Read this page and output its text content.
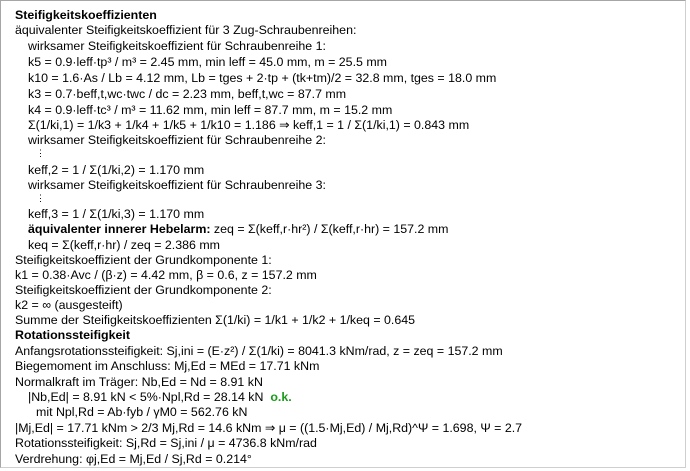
Steifigkeitskoeffizienten
äquivalenter Steifigkeitskoeffizient für 3 Zug-Schraubenreihen:
wirksamer Steifigkeitskoeffizient für Schraubenreihe 1:
k5 = 0.9·leff·tp³ / m³ = 2.45 mm, min leff = 45.0 mm, m = 25.5 mm
k10 = 1.6·As / Lb = 4.12 mm, Lb = tges + 2·tp + (tk+tm)/2 = 32.8 mm, tges = 18.0 mm
k3 = 0.7·beff,t,wc·twc / dc = 2.23 mm, beff,t,wc = 87.7 mm
k4 = 0.9·leff·tc³ / m³ = 11.62 mm, min leff = 87.7 mm, m = 15.2 mm
Σ(1/ki,1) = 1/k3 + 1/k4 + 1/k5 + 1/k10 = 1.186 ⇒ keff,1 = 1 / Σ(1/ki,1) = 0.843 mm
wirksamer Steifigkeitskoeffizient für Schraubenreihe 2:
⋮
keff,2 = 1 / Σ(1/ki,2) = 1.170 mm
wirksamer Steifigkeitskoeffizient für Schraubenreihe 3:
⋮
keff,3 = 1 / Σ(1/ki,3) = 1.170 mm
äquivalenter innerer Hebelarm: zeq = Σ(keff,r·hr²) / Σ(keff,r·hr) = 157.2 mm
keq = Σ(keff,r·hr) / zeq = 2.386 mm
Steifigkeitskoeffizient der Grundkomponente 1:
k1 = 0.38·Avc / (β·z) = 4.42 mm, β = 0.6, z = 157.2 mm
Steifigkeitskoeffizient der Grundkomponente 2:
k2 = ∞ (ausgesteift)
Summe der Steifigkeitskoeffizienten Σ(1/ki) = 1/k1 + 1/k2 + 1/keq = 0.645
Rotationssteifigkeit
Anfangsrotationssteifigkeit: Sj,ini = (E·z²) / Σ(1/ki) = 8041.3 kNm/rad, z = zeq = 157.2 mm
Biegemoment im Anschluss: Mj,Ed = MEd = 17.71 kNm
Normalkraft im Träger: Nb,Ed = Nd = 8.91 kN
|Nb,Ed| = 8.91 kN < 5%·Npl,Rd = 28.14 kN o.k.
mit Npl,Rd = Ab·fyb / γM0 = 562.76 kN
|Mj,Ed| = 17.71 kNm > 2/3 Mj,Rd = 14.6 kNm ⇒ μ = ((1.5·Mj,Ed) / Mj,Rd)^Ψ = 1.698, Ψ = 2.7
Rotationssteifigkeit: Sj,Rd = Sj,ini / μ = 4736.8 kNm/rad
Verdrehung: φj,Ed = Mj,Ed / Sj,Rd = 0.214°
